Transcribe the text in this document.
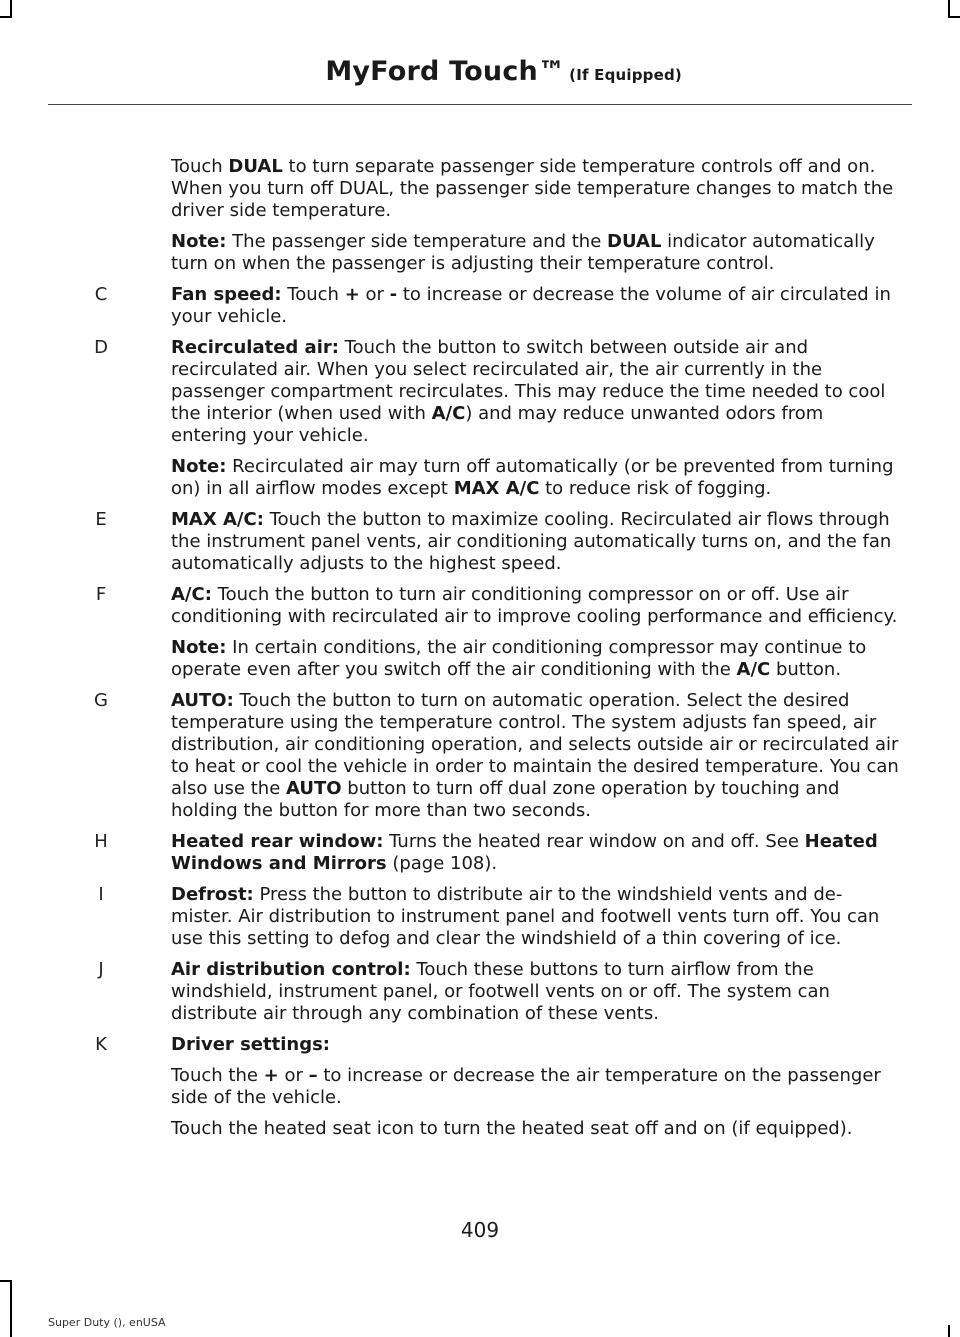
MyFord Touch™ (If Equipped)

Touch DUAL to turn separate passenger side temperature controls off and on. When you turn off DUAL, the passenger side temperature changes to match the driver side temperature.

Note: The passenger side temperature and the DUAL indicator automatically turn on when the passenger is adjusting their temperature control.

C	Fan speed: Touch + or - to increase or decrease the volume of air circulated in your vehicle.

D	Recirculated air: Touch the button to switch between outside air and recirculated air. When you select recirculated air, the air currently in the passenger compartment recirculates. This may reduce the time needed to cool the interior (when used with A/C) and may reduce unwanted odors from entering your vehicle.

Note: Recirculated air may turn off automatically (or be prevented from turning on) in all airflow modes except MAX A/C to reduce risk of fogging.

E	MAX A/C: Touch the button to maximize cooling. Recirculated air flows through the instrument panel vents, air conditioning automatically turns on, and the fan automatically adjusts to the highest speed.

F	A/C: Touch the button to turn air conditioning compressor on or off. Use air conditioning with recirculated air to improve cooling performance and efficiency.

Note: In certain conditions, the air conditioning compressor may continue to operate even after you switch off the air conditioning with the A/C button.

G	AUTO: Touch the button to turn on automatic operation. Select the desired temperature using the temperature control. The system adjusts fan speed, air distribution, air conditioning operation, and selects outside air or recirculated air to heat or cool the vehicle in order to maintain the desired temperature. You can also use the AUTO button to turn off dual zone operation by touching and holding the button for more than two seconds.

H	Heated rear window: Turns the heated rear window on and off. See Heated Windows and Mirrors (page 108).

I	Defrost: Press the button to distribute air to the windshield vents and de-mister. Air distribution to instrument panel and footwell vents turn off. You can use this setting to defog and clear the windshield of a thin covering of ice.

J	Air distribution control: Touch these buttons to turn airflow from the windshield, instrument panel, or footwell vents on or off. The system can distribute air through any combination of these vents.

K	Driver settings:

Touch the + or – to increase or decrease the air temperature on the passenger side of the vehicle.

Touch the heated seat icon to turn the heated seat off and on (if equipped).

409
Super Duty (), enUSA
